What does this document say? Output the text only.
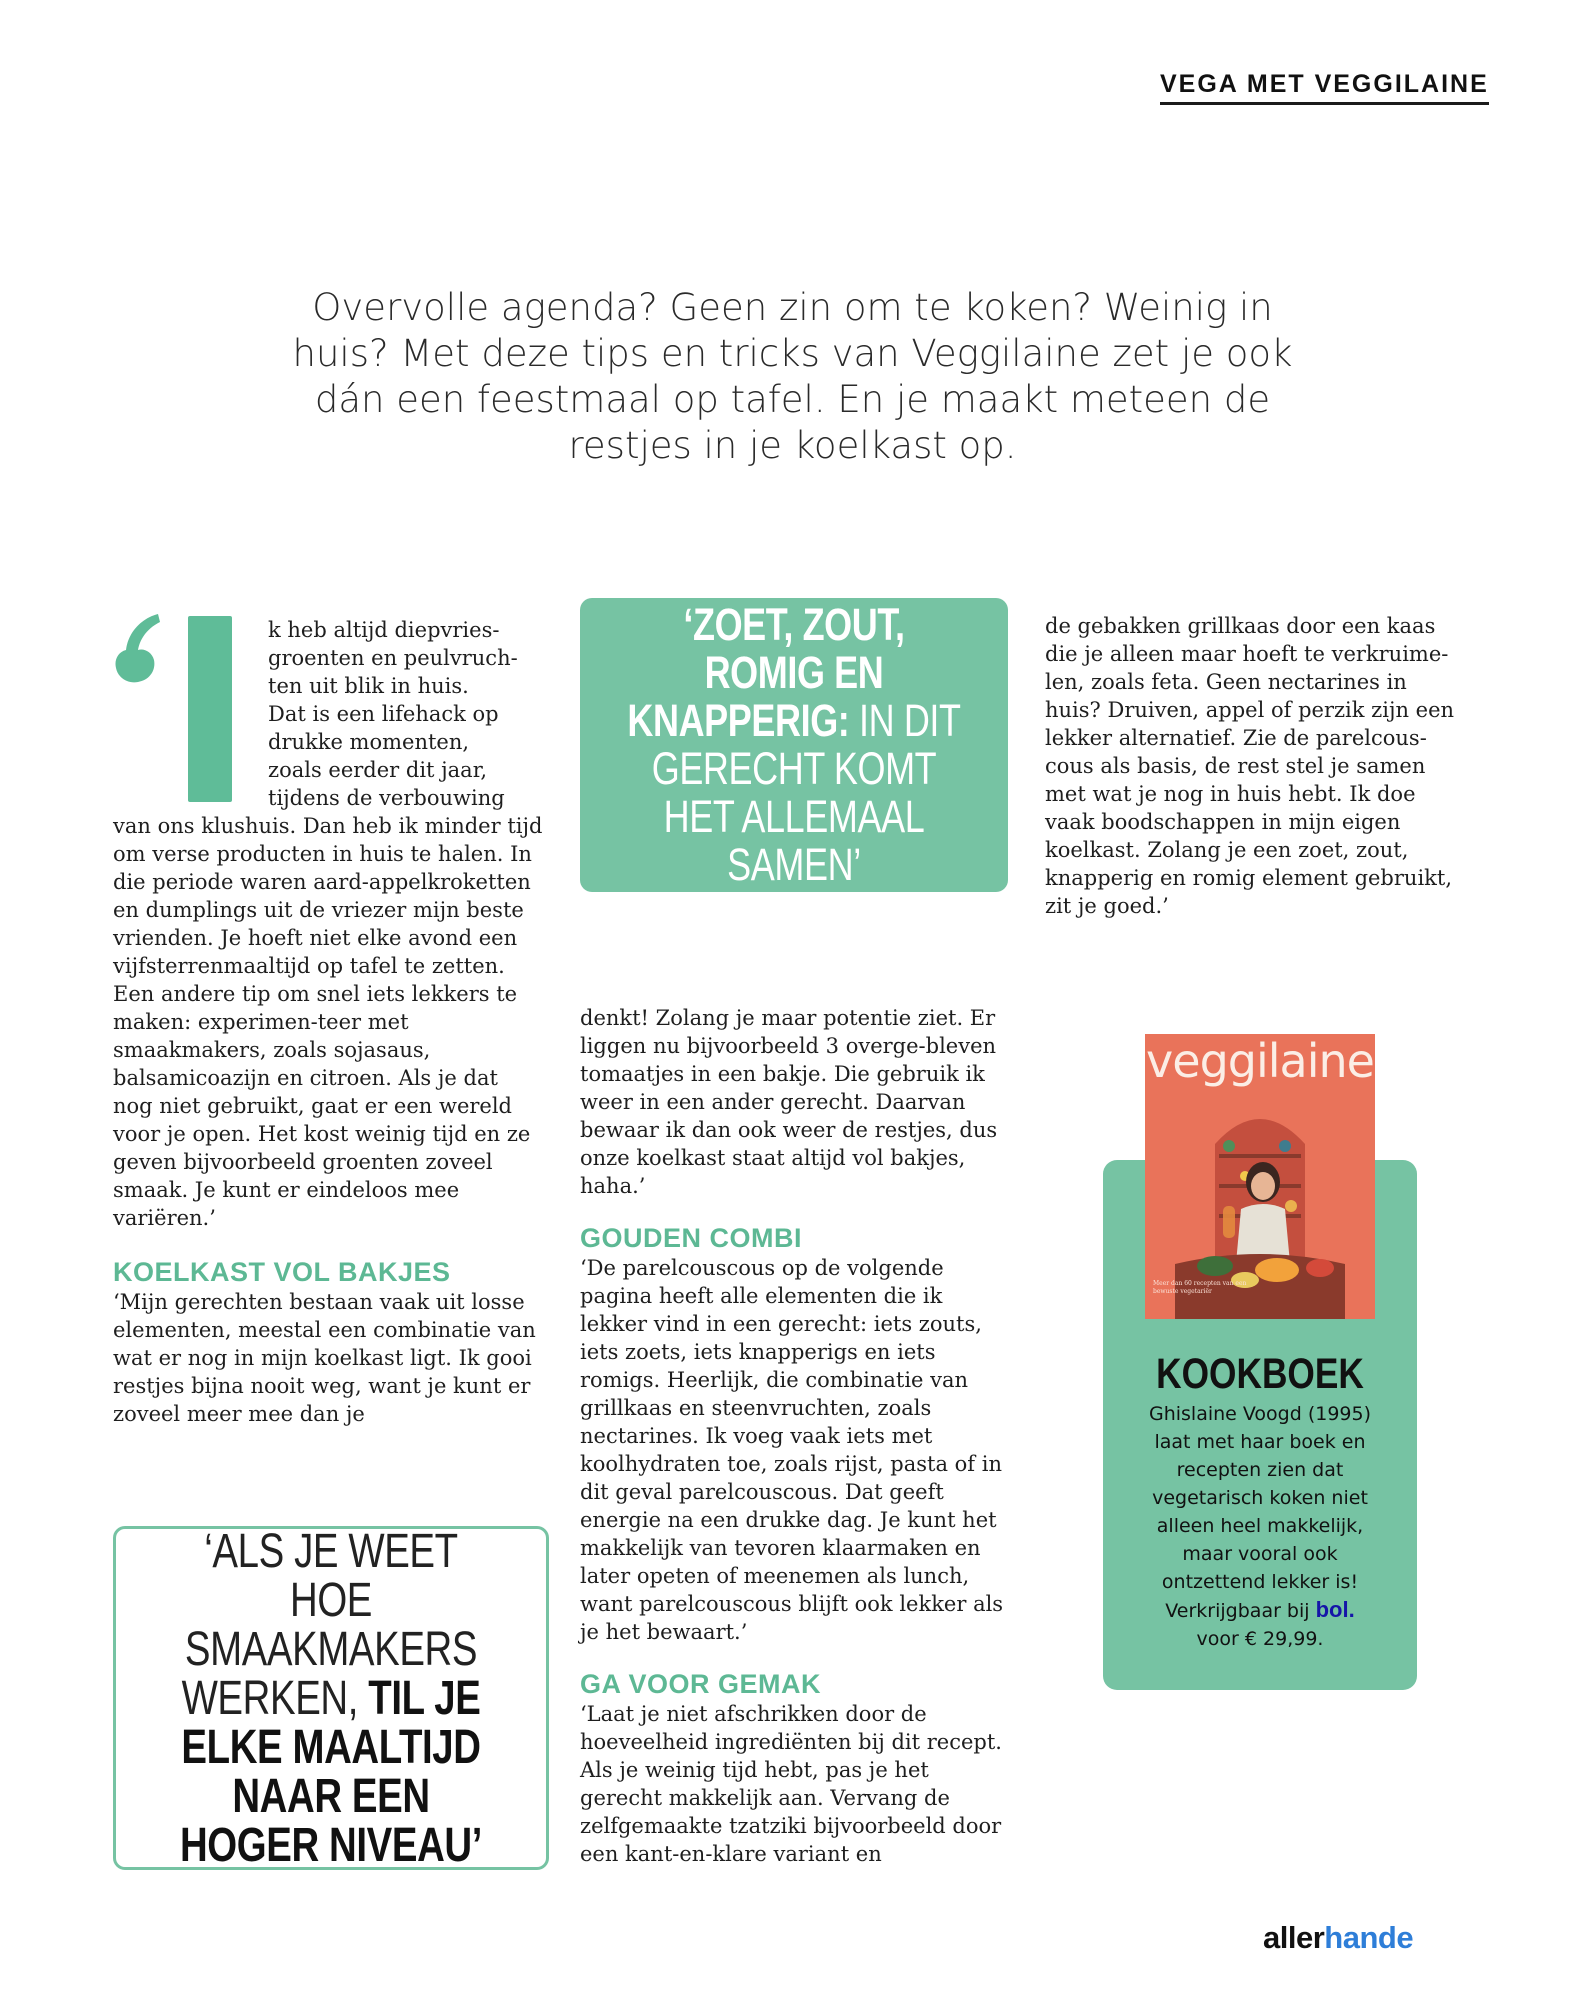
VEGA MET VEGGILAINE
Overvolle agenda? Geen zin om te koken? Weinig in huis? Met deze tips en tricks van Veggilaine zet je ook dán een feestmaal op tafel. En je maakt meteen de restjes in je koelkast op.
k heb altijd diepvries-
groenten en peulvruch-
ten uit blik in huis.
Dat is een lifehack op
drukke momenten,
zoals eerder dit jaar,
tijdens de verbouwing

van ons klushuis. Dan heb ik minder tijd om verse producten in huis te halen. In die periode waren aard-appelkroketten en dumplings uit de vriezer mijn beste vrienden. Je hoeft niet elke avond een vijfsterrenmaaltijd op tafel te zetten. Een andere tip om snel iets lekkers te maken: experimen-teer met smaakmakers, zoals sojasaus, balsamicoazijn en citroen. Als je dat nog niet gebruikt, gaat er een wereld voor je open. Het kost weinig tijd en ze geven bijvoorbeeld groenten zoveel smaak. Je kunt er eindeloos mee variëren.’

KOELKAST VOL BAKJES

‘Mijn gerechten bestaan vaak uit losse elementen, meestal een combinatie van wat er nog in mijn koelkast ligt. Ik gooi restjes bijna nooit weg, want je kunt er zoveel meer mee dan je

‘ZOET, ZOUT, ROMIG EN KNAPPERIG: IN DIT GERECHT KOMT HET ALLEMAAL SAMEN’
‘ALS JE WEET HOE SMAAKMAKERS WERKEN, TIL JE ELKE MAALTIJD NAAR EEN HOGER NIVEAU’

denkt! Zolang je maar potentie ziet. Er liggen nu bijvoorbeeld 3 overge-bleven tomaatjes in een bakje. Die gebruik ik weer in een ander gerecht. Daarvan bewaar ik dan ook weer de restjes, dus onze koelkast staat altijd vol bakjes, haha.’

GOUDEN COMBI

‘De parelcouscous op de volgende pagina heeft alle elementen die ik lekker vind in een gerecht: iets zouts, iets zoets, iets knapperigs en iets romigs. Heerlijk, die combinatie van grillkaas en steenvruchten, zoals nectarines. Ik voeg vaak iets met koolhydraten toe, zoals rijst, pasta of in dit geval parelcouscous. Dat geeft energie na een drukke dag. Je kunt het makkelijk van tevoren klaarmaken en later opeten of meenemen als lunch, want parelcouscous blijft ook lekker als je het bewaart.’

GA VOOR GEMAK

‘Laat je niet afschrikken door de hoeveelheid ingrediënten bij dit recept. Als je weinig tijd hebt, pas je het gerecht makkelijk aan. Vervang de zelfgemaakte tzatziki bijvoorbeeld door een kant-en-klare variant en

de gebakken grillkaas door een kaas die je alleen maar hoeft te verkruime-len, zoals feta. Geen nectarines in huis? Druiven, appel of perzik zijn een lekker alternatief. Zie de parelcous-cous als basis, de rest stel je samen met wat je nog in huis hebt. Ik doe vaak boodschappen in mijn eigen koelkast. Zolang je een zoet, zout, knapperig en romig element gebruikt, zit je goed.’

veggilaine
Meer dan 60 recepten van een bewuste vegetariër
KOOKBOEK
Ghislaine Voogd (1995) laat met haar boek en recepten zien dat vegetarisch koken niet alleen heel makkelijk, maar vooral ook ontzettend lekker is!
Verkrijgbaar bij bol.
voor € 29,99.
allerhande
